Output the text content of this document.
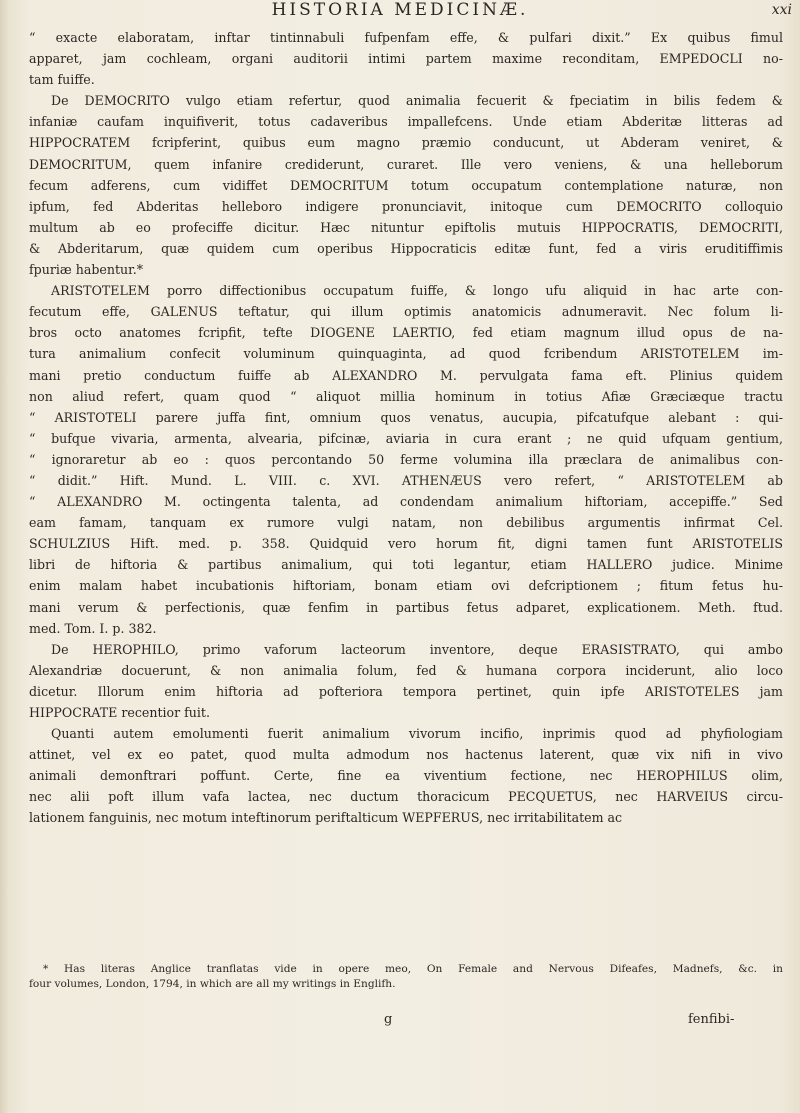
HISTORIA MEDICINÆ.	xxi
“ exacte elaboratam, inftar tintinnabuli fufpenfam effe, & pulfari dixit.” Ex quibus fimul
apparet, jam cochleam, organi auditorii intimi partem maxime reconditam, EMPEDOCLI no-
tam fuiffe.
De DEMOCRITO vulgo etiam refertur, quod animalia fecuerit & fpeciatim in bilis fedem &
infaniæ caufam inquifiverit, totus cadaveribus impallefcens. Unde etiam Abderitæ litteras ad
HIPPOCRATEM fcripferint, quibus eum magno præmio conducunt, ut Abderam veniret, &
DEMOCRITUM, quem infanire crediderunt, curaret. Ille vero veniens, & una helleborum
fecum adferens, cum vidiffet DEMOCRITUM totum occupatum contemplatione naturæ, non
ipfum, fed Abderitas helleboro indigere pronunciavit, initoque cum DEMOCRITO colloquio
multum ab eo profeciffe dicitur. Hæc nituntur epiftolis mutuis HIPPOCRATIS, DEMOCRITI,
& Abderitarum, quæ quidem cum operibus Hippocraticis editæ funt, fed a viris eruditiffimis
fpuriæ habentur.*
ARISTOTELEM porro diffectionibus occupatum fuiffe, & longo ufu aliquid in hac arte con-
fecutum effe, GALENUS teftatur, qui illum optimis anatomicis adnumeravit. Nec folum li-
bros octo anatomes fcripfit, tefte DIOGENE LAERTIO, fed etiam magnum illud opus de na-
tura animalium confecit voluminum quinquaginta, ad quod fcribendum ARISTOTELEM im-
mani pretio conductum fuiffe ab ALEXANDRO M. pervulgata fama eft. Plinius quidem
non aliud refert, quam quod “ aliquot millia hominum in totius Afiæ Græciæque tractu
“ ARISTOTELI parere juffa fint, omnium quos venatus, aucupia, pifcatufque alebant : qui-
“ bufque vivaria, armenta, alvearia, pifcinæ, aviaria in cura erant ; ne quid ufquam gentium,
“ ignoraretur ab eo : quos percontando 50 ferme volumina illa præclara de animalibus con-
“ didit.” Hift. Mund. L. VIII. c. XVI. ATHENÆUS vero refert, “ ARISTOTELEM ab
“ ALEXANDRO M. octingenta talenta, ad condendam animalium hiftoriam, accepiffe.” Sed
eam famam, tanquam ex rumore vulgi natam, non debilibus argumentis infirmat Cel.
SCHULZIUS Hift. med. p. 358. Quidquid vero horum fit, digni tamen funt ARISTOTELIS
libri de hiftoria & partibus animalium, qui toti legantur, etiam HALLERO judice. Minime
enim malam habet incubationis hiftoriam, bonam etiam ovi defcriptionem ; fitum fetus hu-
mani verum & perfectionis, quæ fenfim in partibus fetus adparet, explicationem. Meth. ftud.
med. Tom. I. p. 382.
De HEROPHILO, primo vaforum lacteorum inventore, deque ERASISTRATO, qui ambo
Alexandriæ docuerunt, & non animalia folum, fed & humana corpora inciderunt, alio loco
dicetur. Illorum enim hiftoria ad pofteriora tempora pertinet, quin ipfe ARISTOTELES jam
HIPPOCRATE recentior fuit.
Quanti autem emolumenti fuerit animalium vivorum incifio, inprimis quod ad phyfiologiam
attinet, vel ex eo patet, quod multa admodum nos hactenus laterent, quæ vix nifi in vivo
animali demonftrari poffunt. Certe, fine ea viventium fectione, nec HEROPHILUS olim,
nec alii poft illum vafa lactea, nec ductum thoracicum PECQUETUS, nec HARVEIUS circu-
lationem fanguinis, nec motum inteftinorum periftalticum WEPFERUS, nec irritabilitatem ac
* Has literas Anglice tranflatas vide in opere meo, On Female and Nervous Difeafes, Madnefs, &c. in
four volumes, London, 1794, in which are all my writings in Englifh.
g	fenfibi-
